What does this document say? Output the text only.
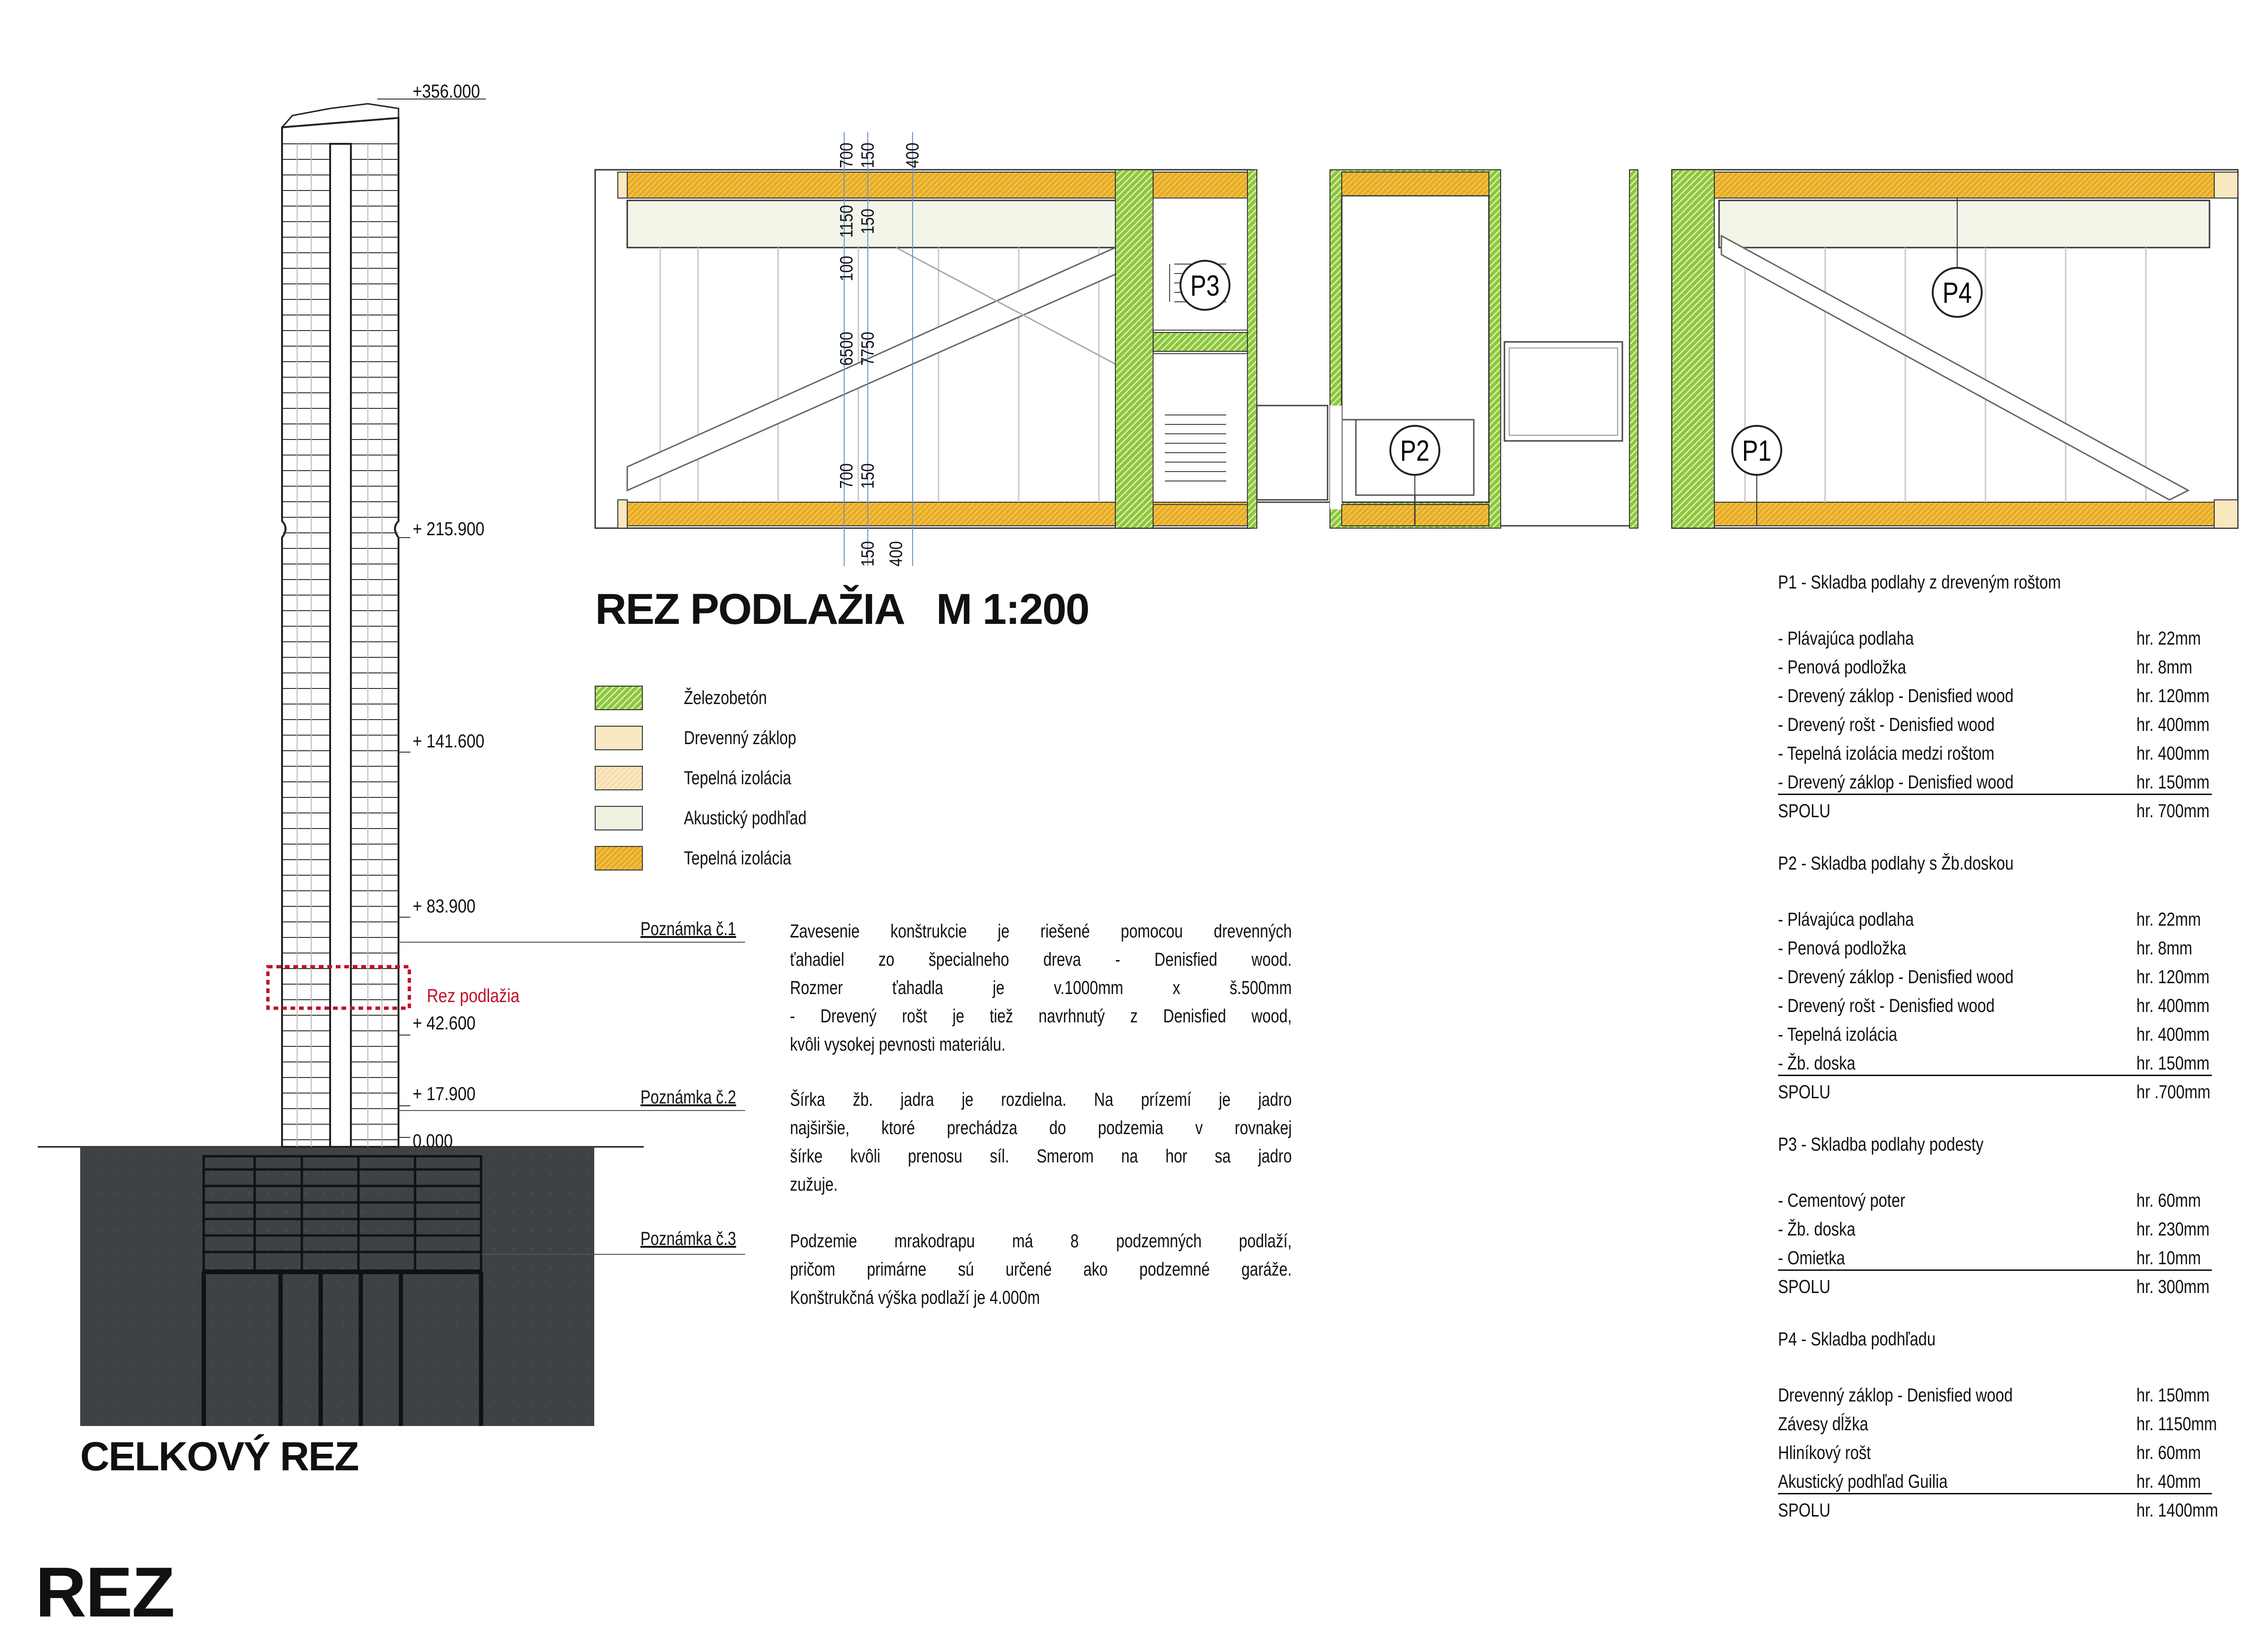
P1
P2
P3	P4
REZ
CELKOVÝ REZ
REZ PODLAŽIA   M 1:200
+356.000
+ 215.900
+ 141.600
+ 83.900
+ 42.600
+ 17.900
0.000
Rez podlažia
700 150 400
1150 150
100
6500 7750
700 150
150 400
Železobetón
Drevenný záklop
Tepelná izolácia
Akustický podhľad
Tepelná izolácia
Poznámka č.1	Zavesenie konštrukcie je riešené pomocou drevenných
ťahadiel zo špecialneho dreva - Denisfied wood.
Rozmer ťahadla je v.1000mm x š.500mm
- Drevený rošt je tiež navrhnutý z Denisfied wood,
kvôli vysokej pevnosti materiálu.
Poznámka č.2	Šírka žb. jadra je rozdielna. Na prízemí je jadro
najširšie, ktoré prechádza do podzemia v rovnakej
šírke kvôli prenosu síl. Smerom na hor sa jadro
zužuje.
Poznámka č.3	Podzemie mrakodrapu má 8 podzemných podlaží,
pričom primárne sú určené ako podzemné garáže.
Konštrukčná výška podlaží je 4.000m
P1 - Skladba podlahy z dreveným roštom
- Plávajúca podlaha	hr. 22mm
- Penová podložka	hr. 8mm
- Drevený záklop - Denisfied wood	hr. 120mm
- Drevený rošt - Denisfied wood	hr. 400mm
- Tepelná izolácia medzi roštom	hr. 400mm
- Drevený záklop - Denisfied wood	hr. 150mm
SPOLU	hr. 700mm
P2 - Skladba podlahy s Žb.doskou
- Plávajúca podlaha	hr. 22mm
- Penová podložka	hr. 8mm
- Drevený záklop - Denisfied wood	hr. 120mm
- Drevený rošt - Denisfied wood	hr. 400mm
- Tepelná izolácia	hr. 400mm
- Žb. doska	hr. 150mm
SPOLU	hr .700mm
P3 - Skladba podlahy podesty
- Cementový poter	hr. 60mm
- Žb. doska	hr. 230mm
- Omietka	hr. 10mm
SPOLU	hr. 300mm
P4 - Skladba podhľadu
Drevenný záklop - Denisfied wood	hr. 150mm
Závesy dĺžka	hr. 1150mm
Hliníkový rošt	hr. 60mm
Akustický podhľad Guilia	hr. 40mm
SPOLU	hr. 1400mm
